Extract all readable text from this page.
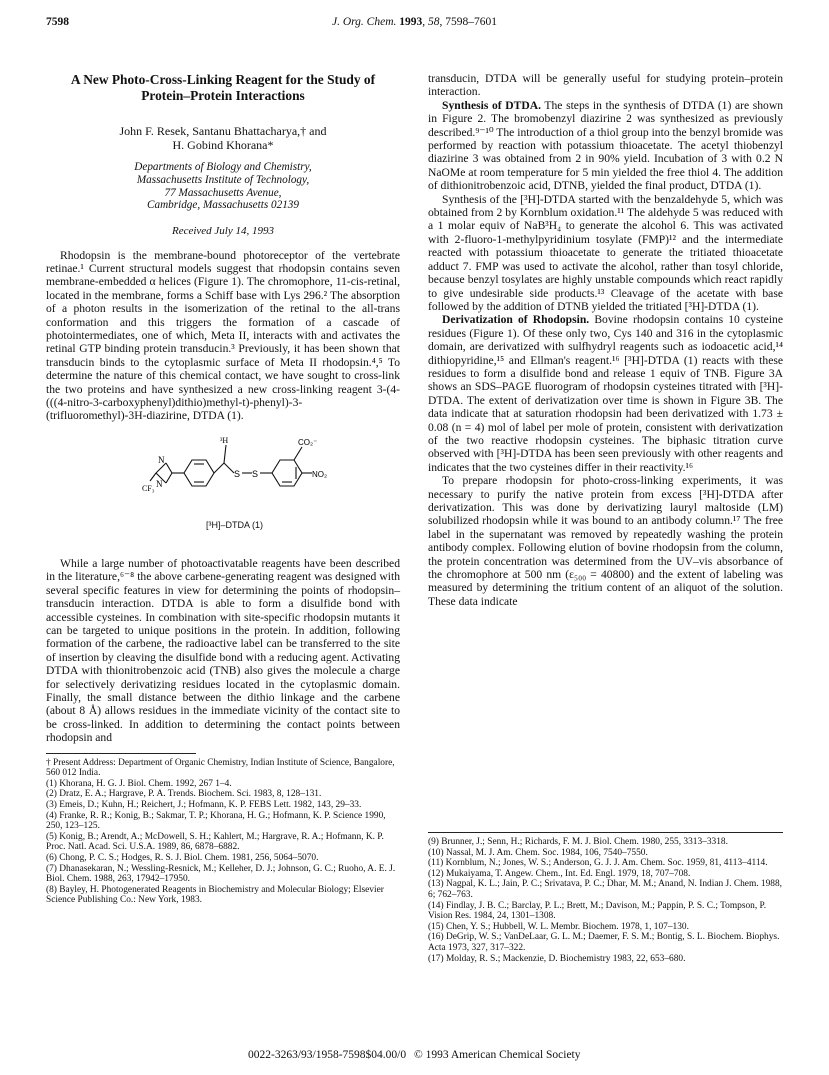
7598	J. Org. Chem. 1993, 58, 7598–7601
A New Photo-Cross-Linking Reagent for the Study of Protein–Protein Interactions
John F. Resek, Santanu Bhattacharya,† and
H. Gobind Khorana*
Departments of Biology and Chemistry,
Massachusetts Institute of Technology,
77 Massachusetts Avenue,
Cambridge, Massachusetts 02139
Received July 14, 1993

Rhodopsin is the membrane-bound photoreceptor of the vertebrate retinae.¹ Current structural models suggest that rhodopsin contains seven membrane-embedded α helices (Figure 1). The chromophore, 11-cis-retinal, located in the membrane, forms a Schiff base with Lys 296.² The absorption of a photon results in the isomerization of the retinal to the all-trans conformation and this triggers the formation of a cascade of photointermediates, one of which, Meta II, interacts with and activates the retinal GTP binding protein transducin.³ Previously, it has been shown that transducin binds to the cytoplasmic surface of Meta II rhodopsin.⁴,⁵ To determine the nature of this chemical contact, we have sought to cross-link the two proteins and have synthesized a new cross-linking reagent 3-(4-(((4-nitro-3-carboxyphenyl)dithio)methyl-t)-phenyl)-3-(trifluoromethyl)-3H-diazirine, DTDA (1).

N
N
CF₃
³H
S S
CO₂⁻
NO₂
[³H]–DTDA (1)

While a large number of photoactivatable reagents have been described in the literature,⁶⁻⁸ the above carbene-generating reagent was designed with several specific features in view for determining the points of rhodopsin–transducin interaction. DTDA is able to form a disulfide bond with accessible cysteines. In combination with site-specific rhodopsin mutants it can be targeted to unique positions in the protein. In addition, following formation of the carbene, the radioactive label can be transferred to the site of insertion by cleaving the disulfide bond with a reducing agent. Activating DTDA with thionitrobenzoic acid (TNB) also gives the molecule a charge for selectively derivatizing residues located in the cytoplasmic domain. Finally, the small distance between the dithio linkage and the carbene (about 8 Å) allows residues in the immediate vicinity of the contact site to be cross-linked. In addition to determining the contact points between rhodopsin and

† Present Address: Department of Organic Chemistry, Indian Institute of Science, Bangalore, 560 012 India.
(1) Khorana, H. G. J. Biol. Chem. 1992, 267 1–4.
(2) Dratz, E. A.; Hargrave, P. A. Trends. Biochem. Sci. 1983, 8, 128–131.
(3) Emeis, D.; Kuhn, H.; Reichert, J.; Hofmann, K. P. FEBS Lett. 1982, 143, 29–33.
(4) Franke, R. R.; Konig, B.; Sakmar, T. P.; Khorana, H. G.; Hofmann, K. P. Science 1990, 250, 123–125.
(5) Konig, B.; Arendt, A.; McDowell, S. H.; Kahlert, M.; Hargrave, R. A.; Hofmann, K. P. Proc. Natl. Acad. Sci. U.S.A. 1989, 86, 6878–6882.
(6) Chong, P. C. S.; Hodges, R. S. J. Biol. Chem. 1981, 256, 5064–5070.
(7) Dhanasekaran, N.; Wessling-Resnick, M.; Kelleher, D. J.; Johnson, G. C.; Ruoho, A. E. J. Biol. Chem. 1988, 263, 17942–17950.
(8) Bayley, H. Photogenerated Reagents in Biochemistry and Molecular Biology; Elsevier Science Publishing Co.: New York, 1983.

transducin, DTDA will be generally useful for studying protein–protein interaction.

Synthesis of DTDA. The steps in the synthesis of DTDA (1) are shown in Figure 2. The bromobenzyl diazirine 2 was synthesized as previously described.⁹⁻¹⁰ The introduction of a thiol group into the benzyl bromide was performed by reaction with potassium thioacetate. The acetyl thiobenzyl diazirine 3 was obtained from 2 in 90% yield. Incubation of 3 with 0.2 N NaOMe at room temperature for 5 min yielded the free thiol 4. The addition of dithionitrobenzoic acid, DTNB, yielded the final product, DTDA (1).

Synthesis of the [³H]-DTDA started with the benzaldehyde 5, which was obtained from 2 by Kornblum oxidation.¹¹ The aldehyde 5 was reduced with a 1 molar equiv of NaB³H₄ to generate the alcohol 6. This was activated with 2-fluoro-1-methylpyridinium tosylate (FMP)¹² and the intermediate reacted with potassium thioacetate to generate the tritiated thioacetate adduct 7. FMP was used to activate the alcohol, rather than tosyl chloride, because benzyl tosylates are highly unstable compounds which react rapidly to give undesirable side products.¹³ Cleavage of the acetate with base followed by the addition of DTNB yielded the tritiated [³H]-DTDA (1).

Derivatization of Rhodopsin. Bovine rhodopsin contains 10 cysteine residues (Figure 1). Of these only two, Cys 140 and 316 in the cytoplasmic domain, are derivatized with sulfhydryl reagents such as iodoacetic acid,¹⁴ dithiopyridine,¹⁵ and Ellman's reagent.¹⁶ [³H]-DTDA (1) reacts with these residues to form a disulfide bond and release 1 equiv of TNB. Figure 3A shows an SDS–PAGE fluorogram of rhodopsin cysteines titrated with [³H]-DTDA. The extent of derivatization over time is shown in Figure 3B. The data indicate that at saturation rhodopsin had been derivatized with 1.73 ± 0.08 (n = 4) mol of label per mole of protein, consistent with derivatization of the two reactive rhodopsin cysteines. The biphasic titration curve observed with [³H]-DTDA has been seen previously with other reagents and indicates that the two cysteines differ in their reactivity.¹⁶

To prepare rhodopsin for photo-cross-linking experiments, it was necessary to purify the native protein from excess [³H]-DTDA after derivatization. This was done by derivatizing lauryl maltoside (LM) solubilized rhodopsin while it was bound to an antibody column.¹⁷ The free label in the supernatant was removed by repeatedly washing the protein antibody complex. Following elution of bovine rhodopsin from the column, the protein concentration was determined from the UV–vis absorbance of the chromophore at 500 nm (ε₅₀₀ = 40800) and the extent of labeling was measured by determining the tritium content of an aliquot of the solution. These data indicate

(9) Brunner, J.; Senn, H.; Richards, F. M. J. Biol. Chem. 1980, 255, 3313–3318.
(10) Nassal, M. J. Am. Chem. Soc. 1984, 106, 7540–7550.
(11) Kornblum, N.; Jones, W. S.; Anderson, G. J. J. Am. Chem. Soc. 1959, 81, 4113–4114.
(12) Mukaiyama, T. Angew. Chem., Int. Ed. Engl. 1979, 18, 707–708.
(13) Nagpal, K. L.; Jain, P. C.; Srivatava, P. C.; Dhar, M. M.; Anand, N. Indian J. Chem. 1988, 6; 762–763.
(14) Findlay, J. B. C.; Barclay, P. L.; Brett, M.; Davison, M.; Pappin, P. S. C.; Tompson, P. Vision Res. 1984, 24, 1301–1308.
(15) Chen, Y. S.; Hubbell, W. L. Membr. Biochem. 1978, 1, 107–130.
(16) DeGrip, W. S.; VanDeLaar, G. L. M.; Daemer, F. S. M.; Bontig, S. L. Biochem. Biophys. Acta 1973, 327, 317–322.
(17) Molday, R. S.; Mackenzie, D. Biochemistry 1983, 22, 653–680.
0022-3263/93/1958-7598$04.00/0 © 1993 American Chemical Society
